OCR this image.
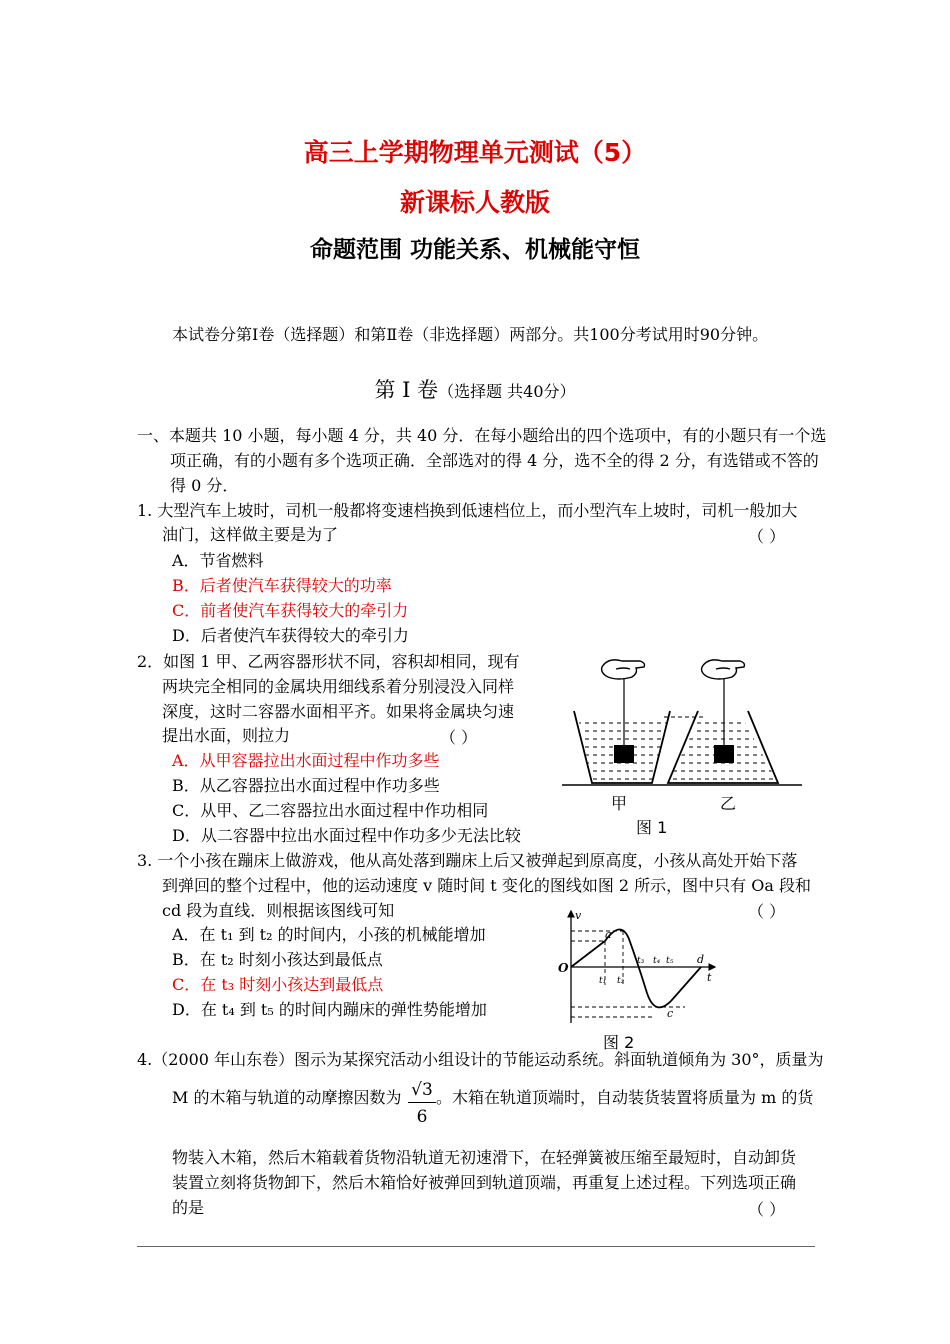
高三上学期物理单元测试（5）
新课标人教版
命题范围 功能关系、机械能守恒
本试卷分第Ⅰ卷（选择题）和第Ⅱ卷（非选择题）两部分。共100分考试用时90分钟。
第 Ⅰ 卷（选择题 共40分）
一、本题共 10 小题，每小题 4 分，共 40 分．在每小题给出的四个选项中，有的小题只有一个选
项正确，有的小题有多个选项正确．全部选对的得 4 分，选不全的得 2 分，有选错或不答的
得 0 分．
1. 大型汽车上坡时，司机一般都将变速档换到低速档位上，而小型汽车上坡时，司机一般加大
油门，这样做主要是为了	（ ）
A．节省燃料
B．后者使汽车获得较大的功率
C．前者使汽车获得较大的牵引力
D．后者使汽车获得较大的牵引力
2．如图 1 甲、乙两容器形状不同，容积却相同，现有
两块完全相同的金属块用细线系着分别浸没入同样
深度，这时二容器水面相平齐。如果将金属块匀速
提出水面，则拉力	（ ）
A．从甲容器拉出水面过程中作功多些
B．从乙容器拉出水面过程中作功多些
C．从甲、乙二容器拉出水面过程中作功相同
D．从二容器中拉出水面过程中作功多少无法比较
甲	乙
图 1
3. 一个小孩在蹦床上做游戏，他从高处落到蹦床上后又被弹起到原高度，小孩从高处开始下落
到弹回的整个过程中，他的运动速度 v 随时间 t 变化的图线如图 2 所示，图中只有 Oa 段和
cd 段为直线．则根据该图线可知	（ ）
A．在 t₁ 到 t₂ 的时间内，小孩的机械能增加
B．在 t₂ 时刻小孩达到最低点
C．在 t₃ 时刻小孩达到最低点
D．在 t₄ 到 t₅ 的时间内蹦床的弹性势能增加
v
t
O
a
c
d
t₁ t₂
t₃ t₄ t₅
图 2
4.（2000 年山东卷）图示为某探究活动小组设计的节能运动系统。斜面轨道倾角为 30°，质量为
M 的木箱与轨道的动摩擦因数为 $\frac{√3}{6}$ 。木箱在轨道顶端时，自动装货装置将质量为 m 的货
物装入木箱，然后木箱载着货物沿轨道无初速滑下，在轻弹簧被压缩至最短时，自动卸货
装置立刻将货物卸下，然后木箱恰好被弹回到轨道顶端，再重复上述过程。下列选项正确
的是	（ ）
